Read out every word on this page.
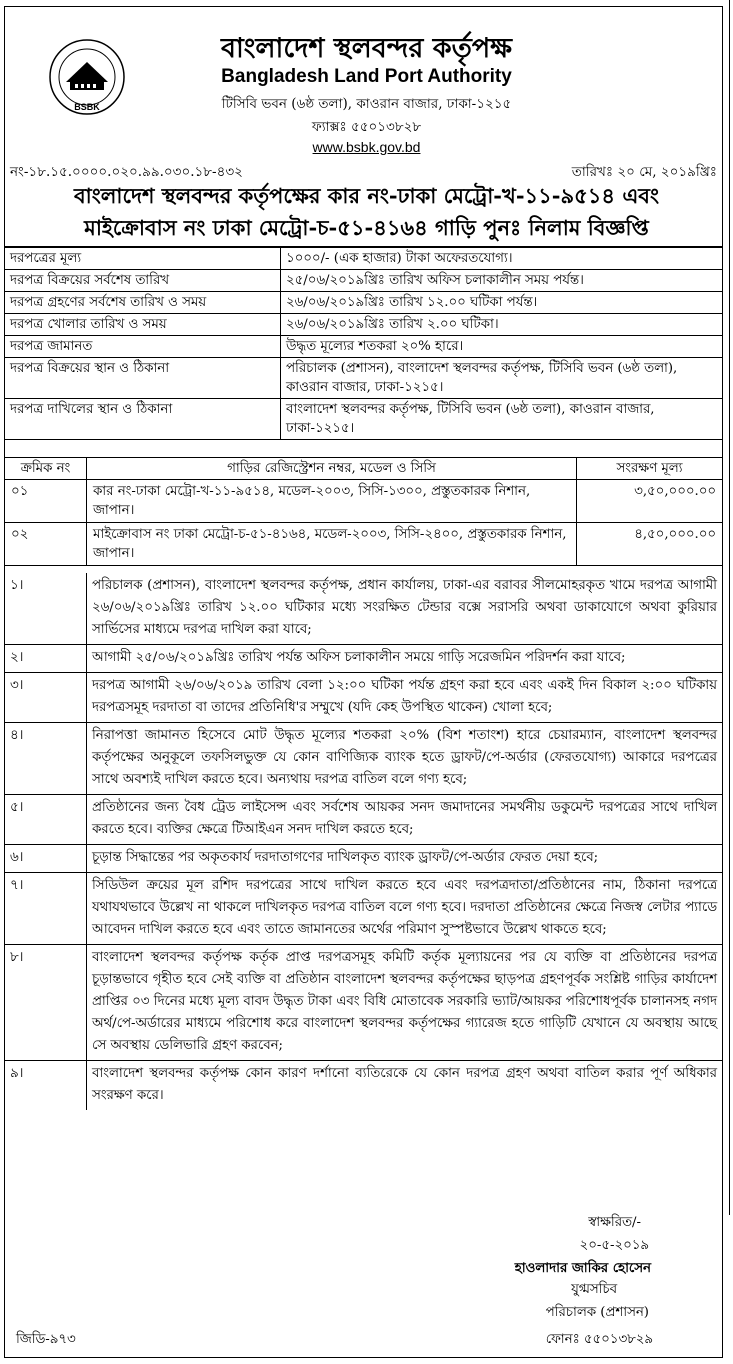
BSBK
বাংলাদেশ স্থলবন্দর কর্তৃপক্ষ
Bangladesh Land Port Authority
টিসিবি ভবন (৬ষ্ঠ তলা), কাওরান বাজার, ঢাকা-১২১৫
ফ্যাক্সঃ ৫৫০১৩৮২৮
www.bsbk.gov.bd
নং-১৮.১৫.০০০০.০২০.৯৯.০৩০.১৮-৪৩২	তারিখঃ ২০ মে, ২০১৯খ্রিঃ
বাংলাদেশ স্থলবন্দর কর্তৃপক্ষের কার নং-ঢাকা মেট্রো-খ-১১-৯৫১৪ এবং
মাইক্রোবাস নং ঢাকা মেট্রো-চ-৫১-৪১৬৪ গাড়ি পুনঃ নিলাম বিজ্ঞপ্তি
দরপত্রের মূল্য	১০০০/- (এক হাজার) টাকা অফেরতযোগ্য।
দরপত্র বিক্রয়ের সর্বশেষ তারিখ	২৫/০৬/২০১৯খ্রিঃ তারিখ অফিস চলাকালীন সময় পর্যন্ত।
দরপত্র গ্রহণের সর্বশেষ তারিখ ও সময়	২৬/০৬/২০১৯খ্রিঃ তারিখ ১২.০০ ঘটিকা পর্যন্ত।
দরপত্র খোলার তারিখ ও সময়	২৬/০৬/২০১৯খ্রিঃ তারিখ ২.০০ ঘটিকা।
দরপত্র জামানত	উদ্ধৃত মূল্যের শতকরা ২০% হারে।
দরপত্র বিক্রয়ের স্থান ও ঠিকানা	পরিচালক (প্রশাসন), বাংলাদেশ স্থলবন্দর কর্তৃপক্ষ, টিসিবি ভবন (৬ষ্ঠ তলা), কাওরান বাজার, ঢাকা-১২১৫।
দরপত্র দাখিলের স্থান ও ঠিকানা	বাংলাদেশ স্থলবন্দর কর্তৃপক্ষ, টিসিবি ভবন (৬ষ্ঠ তলা), কাওরান বাজার, ঢাকা-১২১৫।
ক্রমিক নং	গাড়ির রেজিস্ট্রেশন নম্বর, মডেল ও সিসি	সংরক্ষণ মূল্য
০১	কার নং-ঢাকা মেট্রো-খ-১১-৯৫১৪, মডেল-২০০৩, সিসি-১৩০০, প্রস্তুতকারক নিশান, জাপান।	৩,৫০,০০০.০০
০২	মাইক্রোবাস নং ঢাকা মেট্রো-চ-৫১-৪১৬৪, মডেল-২০০৩, সিসি-২৪০০, প্রস্তুতকারক নিশান, জাপান।	৪,৫০,০০০.০০
১।	পরিচালক (প্রশাসন), বাংলাদেশ স্থলবন্দর কর্তৃপক্ষ, প্রধান কার্যালয়, ঢাকা-এর বরাবর সীলমোহরকৃত খামে দরপত্র আগামী ২৬/০৬/২০১৯খ্রিঃ তারিখ ১২.০০ ঘটিকার মধ্যে সংরক্ষিত টেন্ডার বক্সে সরাসরি অথবা ডাকাযোগে অথবা কুরিয়ার সার্ভিসের মাধ্যমে দরপত্র দাখিল করা যাবে;
২।	আগামী ২৫/০৬/২০১৯খ্রিঃ তারিখ পর্যন্ত অফিস চলাকালীন সময়ে গাড়ি সরেজমিন পরিদর্শন করা যাবে;
৩।	দরপত্র আগামী ২৬/০৬/২০১৯ তারিখ বেলা ১২:০০ ঘটিকা পর্যন্ত গ্রহণ করা হবে এবং একই দিন বিকাল ২:০০ ঘটিকায় দরপত্রসমূহ দরদাতা বা তাদের প্রতিনিধি'র সম্মুখে (যদি কেহ উপস্থিত থাকেন) খোলা হবে;
৪।	নিরাপত্তা জামানত হিসেবে মোট উদ্ধৃত মূল্যের শতকরা ২০% (বিশ শতাংশ) হারে চেয়ারম্যান, বাংলাদেশ স্থলবন্দর কর্তৃপক্ষের অনুকূলে তফসিলভুক্ত যে কোন বাণিজ্যিক ব্যাংক হতে ড্রাফট/পে-অর্ডার (ফেরতযোগ্য) আকারে দরপত্রের সাথে অবশ্যই দাখিল করতে হবে। অন্যথায় দরপত্র বাতিল বলে গণ্য হবে;
৫।	প্রতিষ্ঠানের জন্য বৈধ ট্রেড লাইসেন্স এবং সর্বশেষ আয়কর সনদ জমাদানের সমর্থনীয় ডকুমেন্ট দরপত্রের সাথে দাখিল করতে হবে। ব্যক্তির ক্ষেত্রে টিআইএন সনদ দাখিল করতে হবে;
৬।	চূড়ান্ত সিদ্ধান্তের পর অকৃতকার্য দরদাতাগণের দাখিলকৃত ব্যাংক ড্রাফট/পে-অর্ডার ফেরত দেয়া হবে;
৭।	সিডিউল ক্রয়ের মূল রশিদ দরপত্রের সাথে দাখিল করতে হবে এবং দরপত্রদাতা/প্রতিষ্ঠানের নাম, ঠিকানা দরপত্রে যথাযথভাবে উল্লেখ না থাকলে দাখিলকৃত দরপত্র বাতিল বলে গণ্য হবে। দরদাতা প্রতিষ্ঠানের ক্ষেত্রে নিজস্ব লেটার প্যাডে আবেদন দাখিল করতে হবে এবং তাতে জামানতের অর্থের পরিমাণ সুস্পষ্টভাবে উল্লেখ থাকতে হবে;
৮।	বাংলাদেশ স্থলবন্দর কর্তৃপক্ষ কর্তৃক প্রাপ্ত দরপত্রসমূহ কমিটি কর্তৃক মূল্যায়নের পর যে ব্যক্তি বা প্রতিষ্ঠানের দরপত্র চূড়ান্তভাবে গৃহীত হবে সেই ব্যক্তি বা প্রতিষ্ঠান বাংলাদেশ স্থলবন্দর কর্তৃপক্ষের ছাড়পত্র গ্রহণপূর্বক সংশ্লিষ্ট গাড়ির কার্যাদেশ প্রাপ্তির ০৩ দিনের মধ্যে মূল্য বাবদ উদ্ধৃত টাকা এবং বিধি মোতাবেক সরকারি ভ্যাট/আয়কর পরিশোধপূর্বক চালানসহ নগদ অর্থ/পে-অর্ডারের মাধ্যমে পরিশোধ করে বাংলাদেশ স্থলবন্দর কর্তৃপক্ষের গ্যারেজ হতে গাড়িটি যেখানে যে অবস্থায় আছে সে অবস্থায় ডেলিভারি গ্রহণ করবেন;
৯।	বাংলাদেশ স্থলবন্দর কর্তৃপক্ষ কোন কারণ দর্শানো ব্যতিরেকে যে কোন দরপত্র গ্রহণ অথবা বাতিল করার পূর্ণ অধিকার সংরক্ষণ করে।
স্বাক্ষরিত/-
২০-৫-২০১৯
হাওলাদার জাকির হোসেন
যুগ্মসচিব
পরিচালক (প্রশাসন)
ফোনঃ ৫৫০১৩৮২৯
জিডি-৯৭৩
